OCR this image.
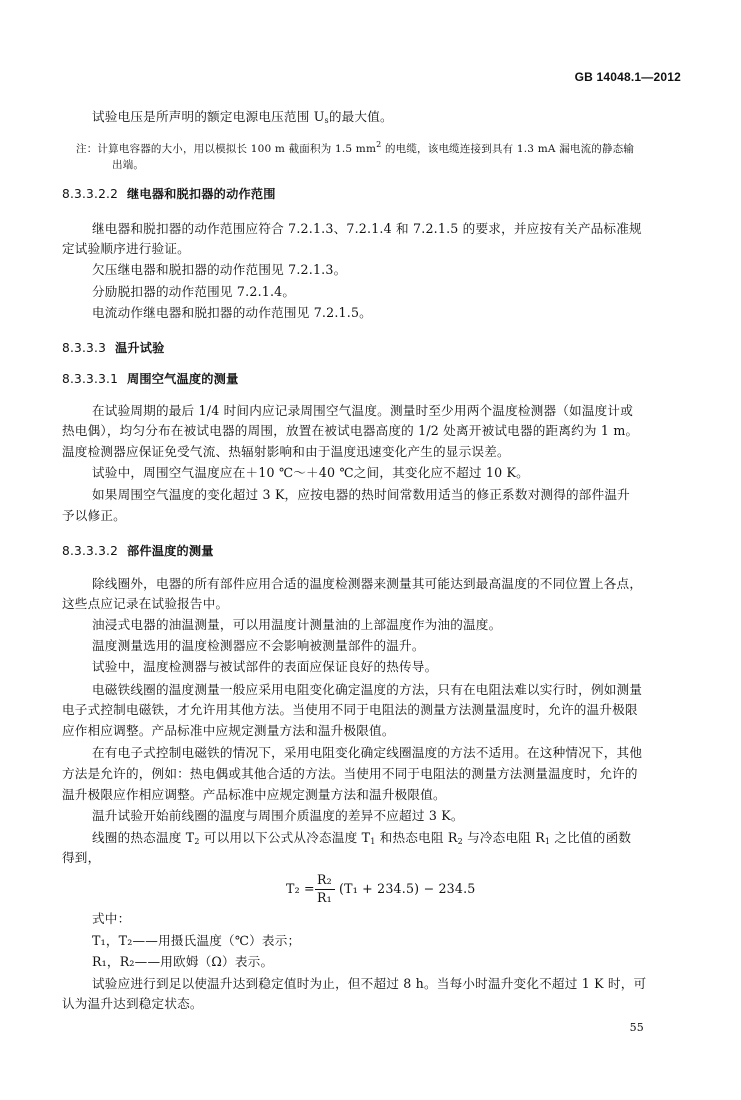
GB 14048.1—2012
试验电压是所声明的额定电源电压范围 $U_s$的最大值。
注：计算电容器的大小，用以模拟长 100 m 截面积为 1.5 $mm^2$ 的电缆，该电缆连接到具有 1.3 mA 漏电流的静态输
出端。
8.3.3.2.2 继电器和脱扣器的动作范围
继电器和脱扣器的动作范围应符合 7.2.1.3、7.2.1.4 和 7.2.1.5 的要求，并应按有关产品标准规
定试验顺序进行验证。
欠压继电器和脱扣器的动作范围见 7.2.1.3。
分励脱扣器的动作范围见 7.2.1.4。
电流动作继电器和脱扣器的动作范围见 7.2.1.5。
8.3.3.3 温升试验
8.3.3.3.1 周围空气温度的测量
在试验周期的最后 1/4 时间内应记录周围空气温度。测量时至少用两个温度检测器（如温度计或
热电偶），均匀分布在被试电器的周围，放置在被试电器高度的 1/2 处离开被试电器的距离约为 1 m。
温度检测器应保证免受气流、热辐射影响和由于温度迅速变化产生的显示误差。
试验中，周围空气温度应在＋10 ℃～＋40 ℃之间，其变化应不超过 10 K。
如果周围空气温度的变化超过 3 K，应按电器的热时间常数用适当的修正系数对测得的部件温升
予以修正。
8.3.3.3.2 部件温度的测量
除线圈外，电器的所有部件应用合适的温度检测器来测量其可能达到最高温度的不同位置上各点，
这些点应记录在试验报告中。
油浸式电器的油温测量，可以用温度计测量油的上部温度作为油的温度。
温度测量选用的温度检测器应不会影响被测量部件的温升。
试验中，温度检测器与被试部件的表面应保证良好的热传导。
电磁铁线圈的温度测量一般应采用电阻变化确定温度的方法，只有在电阻法难以实行时，例如测量
电子式控制电磁铁，才允许用其他方法。当使用不同于电阻法的测量方法测量温度时，允许的温升极限
应作相应调整。产品标准中应规定测量方法和温升极限值。
在有电子式控制电磁铁的情况下，采用电阻变化确定线圈温度的方法不适用。在这种情况下，其他
方法是允许的，例如：热电偶或其他合适的方法。当使用不同于电阻法的测量方法测量温度时，允许的
温升极限应作相应调整。产品标准中应规定测量方法和温升极限值。
温升试验开始前线圈的温度与周围介质温度的差异不应超过 3 K。
线圈的热态温度 $T_2$ 可以用以下公式从冷态温度 $T_1$ 和热态电阻 $R_2$ 与冷态电阻 $R_1$ 之比值的函数
得到，
T₂ =
R₂
R₁
(T₁ + 234.5) − 234.5
式中：
T₁，T₂——用摄氏温度（℃）表示；
R₁，R₂——用欧姆（Ω）表示。
试验应进行到足以使温升达到稳定值时为止，但不超过 8 h。当每小时温升变化不超过 1 K 时，可
认为温升达到稳定状态。
55
